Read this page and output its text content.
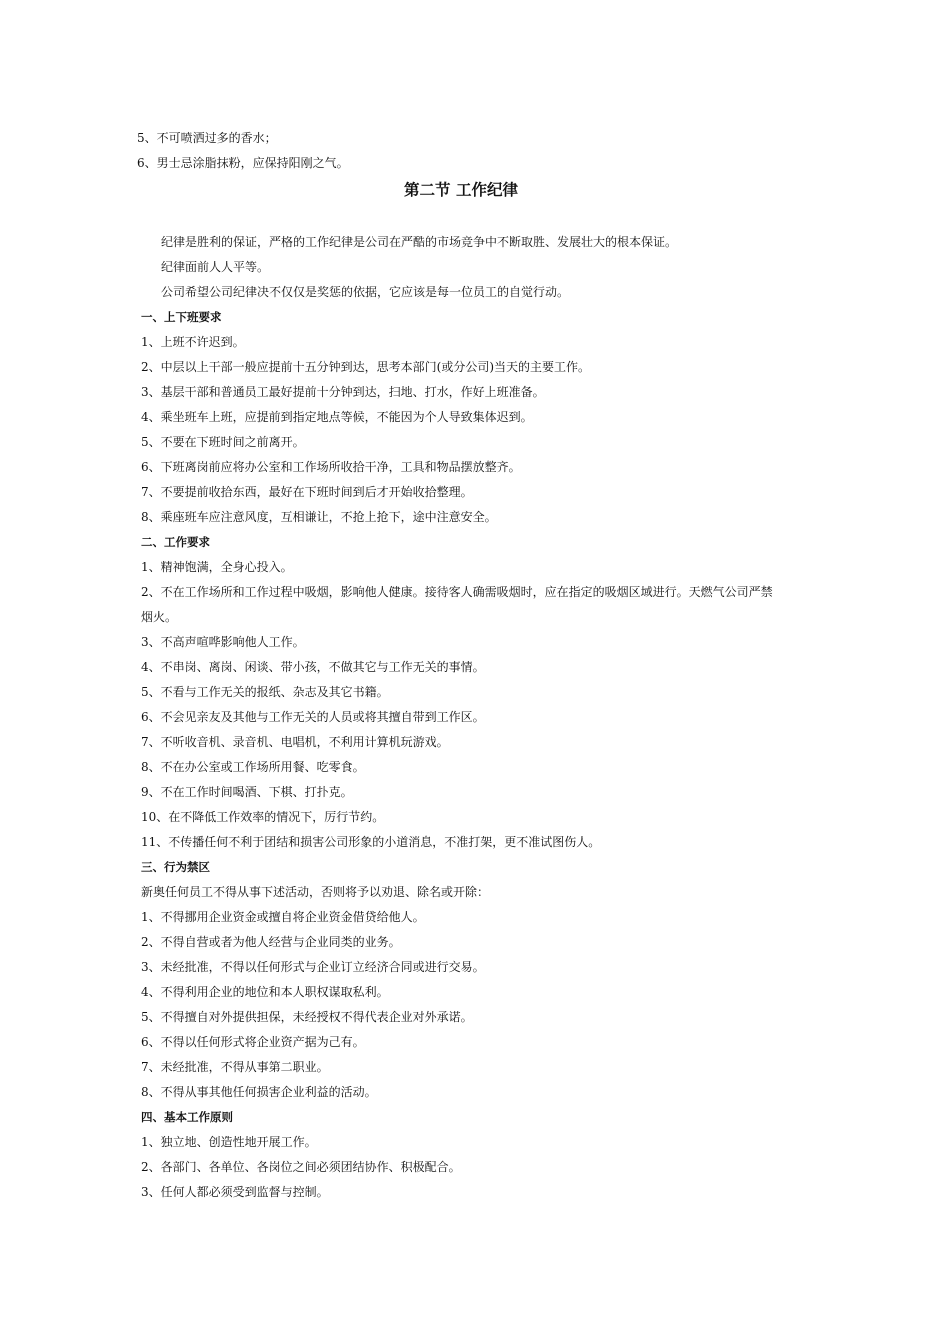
5、不可喷洒过多的香水；
6、男士忌涂脂抹粉，应保持阳刚之气。
第二节 工作纪律
纪律是胜利的保证，严格的工作纪律是公司在严酷的市场竞争中不断取胜、发展壮大的根本保证。
纪律面前人人平等。
公司希望公司纪律决不仅仅是奖惩的依据，它应该是每一位员工的自觉行动。
一、上下班要求
1、上班不许迟到。
2、中层以上干部一般应提前十五分钟到达，思考本部门(或分公司)当天的主要工作。
3、基层干部和普通员工最好提前十分钟到达，扫地、打水，作好上班准备。
4、乘坐班车上班，应提前到指定地点等候，不能因为个人导致集体迟到。
5、不要在下班时间之前离开。
6、下班离岗前应将办公室和工作场所收拾干净，工具和物品摆放整齐。
7、不要提前收拾东西，最好在下班时间到后才开始收拾整理。
8、乘座班车应注意风度，互相谦让，不抢上抢下，途中注意安全。
二、工作要求
1、精神饱满，全身心投入。
2、不在工作场所和工作过程中吸烟，影响他人健康。接待客人确需吸烟时，应在指定的吸烟区域进行。天燃气公司严禁
烟火。
3、不高声喧哗影响他人工作。
4、不串岗、离岗、闲谈、带小孩，不做其它与工作无关的事情。
5、不看与工作无关的报纸、杂志及其它书籍。
6、不会见亲友及其他与工作无关的人员或将其擅自带到工作区。
7、不听收音机、录音机、电唱机，不利用计算机玩游戏。
8、不在办公室或工作场所用餐、吃零食。
9、不在工作时间喝酒、下棋、打扑克。
10、在不降低工作效率的情况下，厉行节约。
11、不传播任何不利于团结和损害公司形象的小道消息，不准打架，更不准试图伤人。
三、行为禁区
新奥任何员工不得从事下述活动，否则将予以劝退、除名或开除：
1、不得挪用企业资金或擅自将企业资金借贷给他人。
2、不得自营或者为他人经营与企业同类的业务。
3、未经批准，不得以任何形式与企业订立经济合同或进行交易。
4、不得利用企业的地位和本人职权谋取私利。
5、不得擅自对外提供担保，未经授权不得代表企业对外承诺。
6、不得以任何形式将企业资产据为己有。
7、未经批准，不得从事第二职业。
8、不得从事其他任何损害企业利益的活动。
四、基本工作原则
1、独立地、创造性地开展工作。
2、各部门、各单位、各岗位之间必须团结协作、积极配合。
3、任何人都必须受到监督与控制。
